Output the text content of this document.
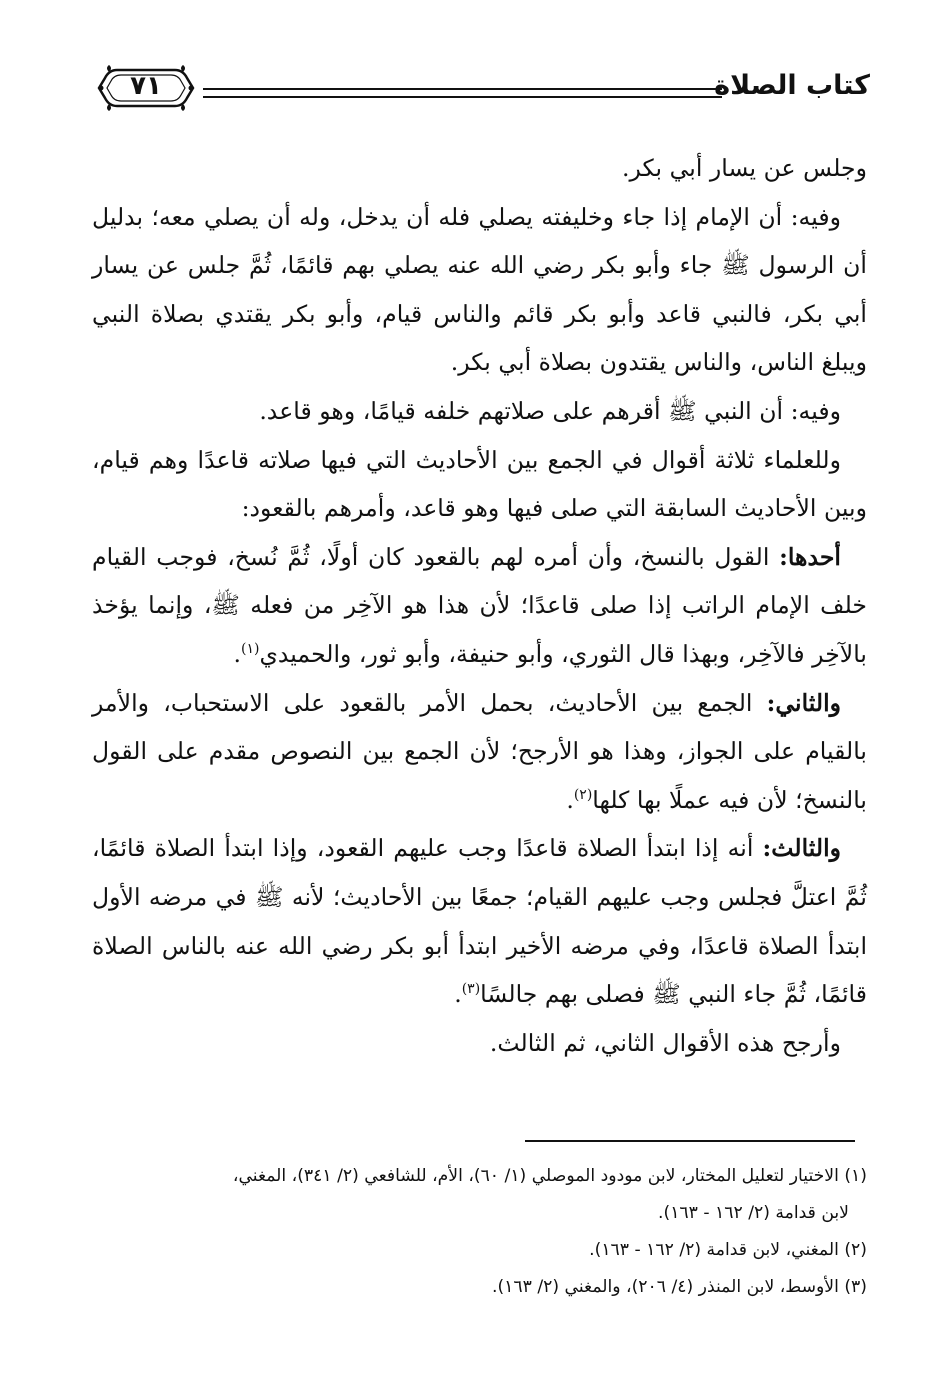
٧١	كتاب الصلاة

وجلس عن يسار أبي بكر.

وفيه: أن الإمام إذا جاء وخليفته يصلي فله أن يدخل، وله أن يصلي معه؛ بدليل أن الرسول ﷺ جاء وأبو بكر رضي الله عنه يصلي بهم قائمًا، ثُمَّ جلس عن يسار أبي بكر، فالنبي قاعد وأبو بكر قائم والناس قيام، وأبو بكر يقتدي بصلاة النبي ويبلغ الناس، والناس يقتدون بصلاة أبي بكر.

وفيه: أن النبي ﷺ أقرهم على صلاتهم خلفه قيامًا، وهو قاعد.

وللعلماء ثلاثة أقوال في الجمع بين الأحاديث التي فيها صلاته قاعدًا وهم قيام، وبين الأحاديث السابقة التي صلى فيها وهو قاعد، وأمرهم بالقعود:

أحدها: القول بالنسخ، وأن أمره لهم بالقعود كان أولًا، ثُمَّ نُسخ، فوجب القيام خلف الإمام الراتب إذا صلى قاعدًا؛ لأن هذا هو الآخِر من فعله ﷺ، وإنما يؤخذ بالآخِر فالآخِر، وبهذا قال الثوري، وأبو حنيفة، وأبو ثور، والحميدي$^{(١)}$.

والثاني: الجمع بين الأحاديث، بحمل الأمر بالقعود على الاستحباب، والأمر بالقيام على الجواز، وهذا هو الأرجح؛ لأن الجمع بين النصوص مقدم على القول بالنسخ؛ لأن فيه عملًا بها كلها$^{(٢)}$.

والثالث: أنه إذا ابتدأ الصلاة قاعدًا وجب عليهم القعود، وإذا ابتدأ الصلاة قائمًا، ثُمَّ اعتلَّ فجلس وجب عليهم القيام؛ جمعًا بين الأحاديث؛ لأنه ﷺ في مرضه الأول ابتدأ الصلاة قاعدًا، وفي مرضه الأخير ابتدأ أبو بكر رضي الله عنه بالناس الصلاة قائمًا، ثُمَّ جاء النبي ﷺ فصلى بهم جالسًا$^{(٣)}$.

وأرجح هذه الأقوال الثاني، ثم الثالث.

(١) الاختيار لتعليل المختار، لابن مودود الموصلي (١/ ٦٠)، الأم، للشافعي (٢/ ٣٤١)، المغني،

لابن قدامة (٢/ ١٦٢ - ١٦٣).

(٢) المغني، لابن قدامة (٢/ ١٦٢ - ١٦٣).

(٣) الأوسط، لابن المنذر (٤/ ٢٠٦)، والمغني (٢/ ١٦٣).
